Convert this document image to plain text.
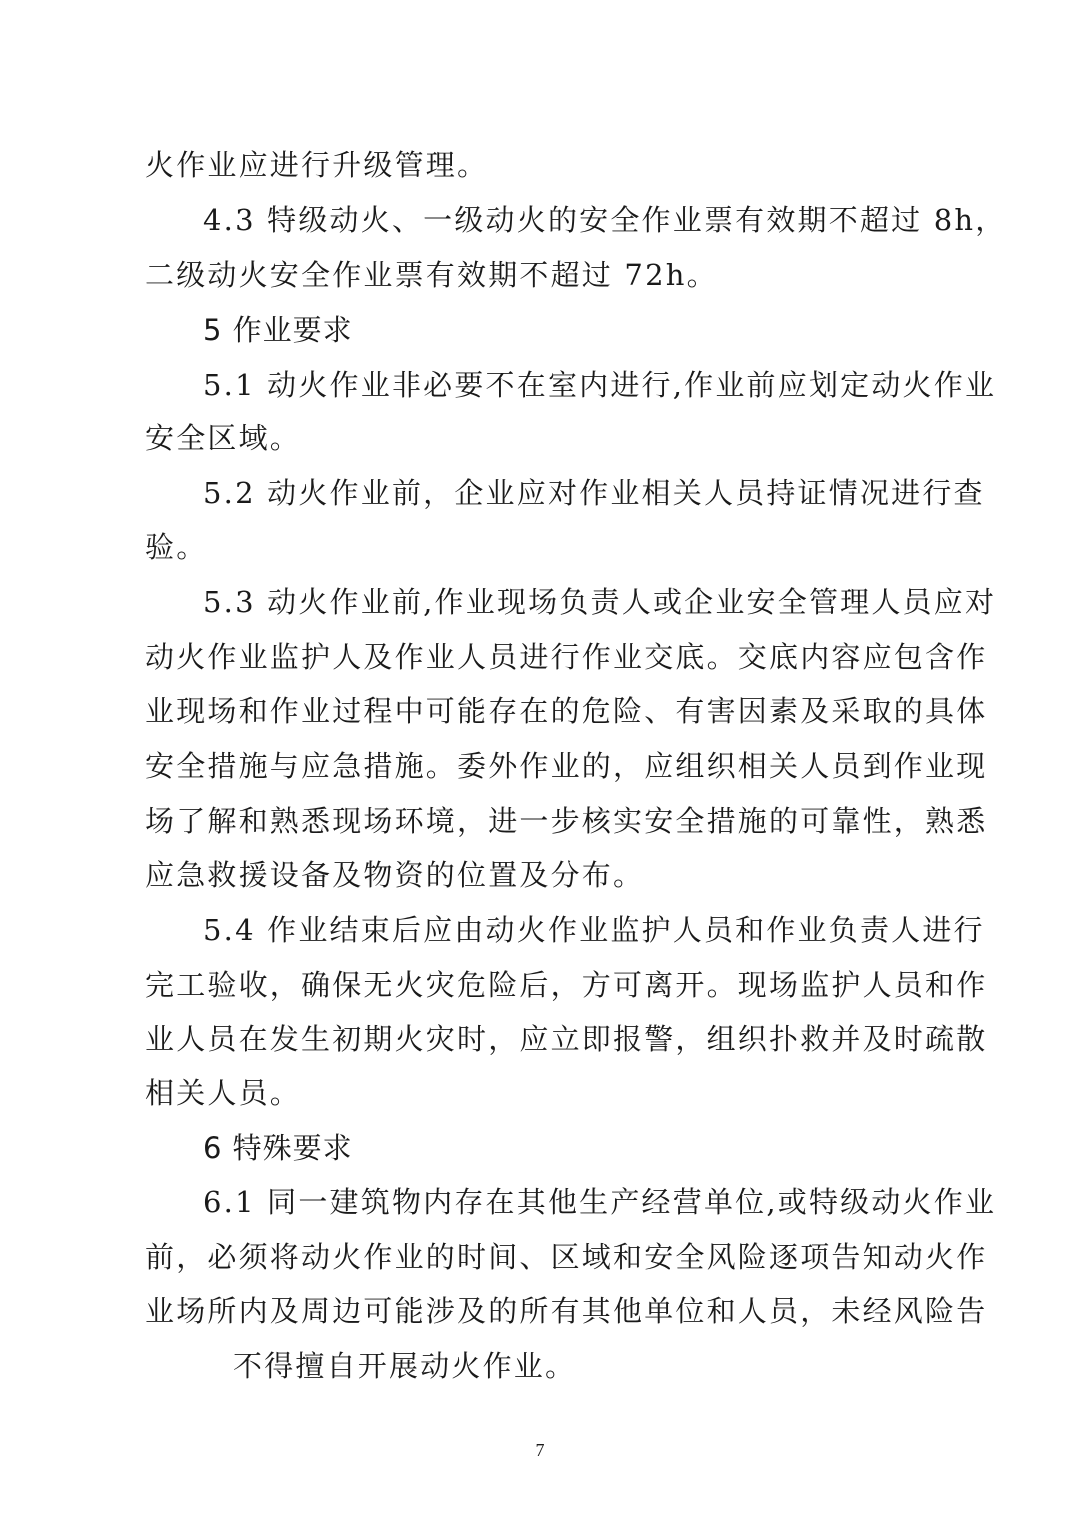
火作业应进行升级管理。
4.3 特级动火、一级动火的安全作业票有效期不超过 8h，
二级动火安全作业票有效期不超过 72h。
5 作业要求
5.1 动火作业非必要不在室内进行,作业前应划定动火作业
安全区域。
5.2 动火作业前，企业应对作业相关人员持证情况进行查
验。
5.3 动火作业前,作业现场负责人或企业安全管理人员应对
动火作业监护人及作业人员进行作业交底。交底内容应包含作
业现场和作业过程中可能存在的危险、有害因素及采取的具体
安全措施与应急措施。委外作业的，应组织相关人员到作业现
场了解和熟悉现场环境，进一步核实安全措施的可靠性，熟悉
应急救援设备及物资的位置及分布。
5.4 作业结束后应由动火作业监护人员和作业负责人进行
完工验收，确保无火灾危险后，方可离开。现场监护人员和作
业人员在发生初期火灾时，应立即报警，组织扑救并及时疏散
相关人员。
6 特殊要求
6.1 同一建筑物内存在其他生产经营单位,或特级动火作业
前，必须将动火作业的时间、区域和安全风险逐项告知动火作
业场所内及周边可能涉及的所有其他单位和人员，未经风险告
不得擅自开展动火作业。
7
